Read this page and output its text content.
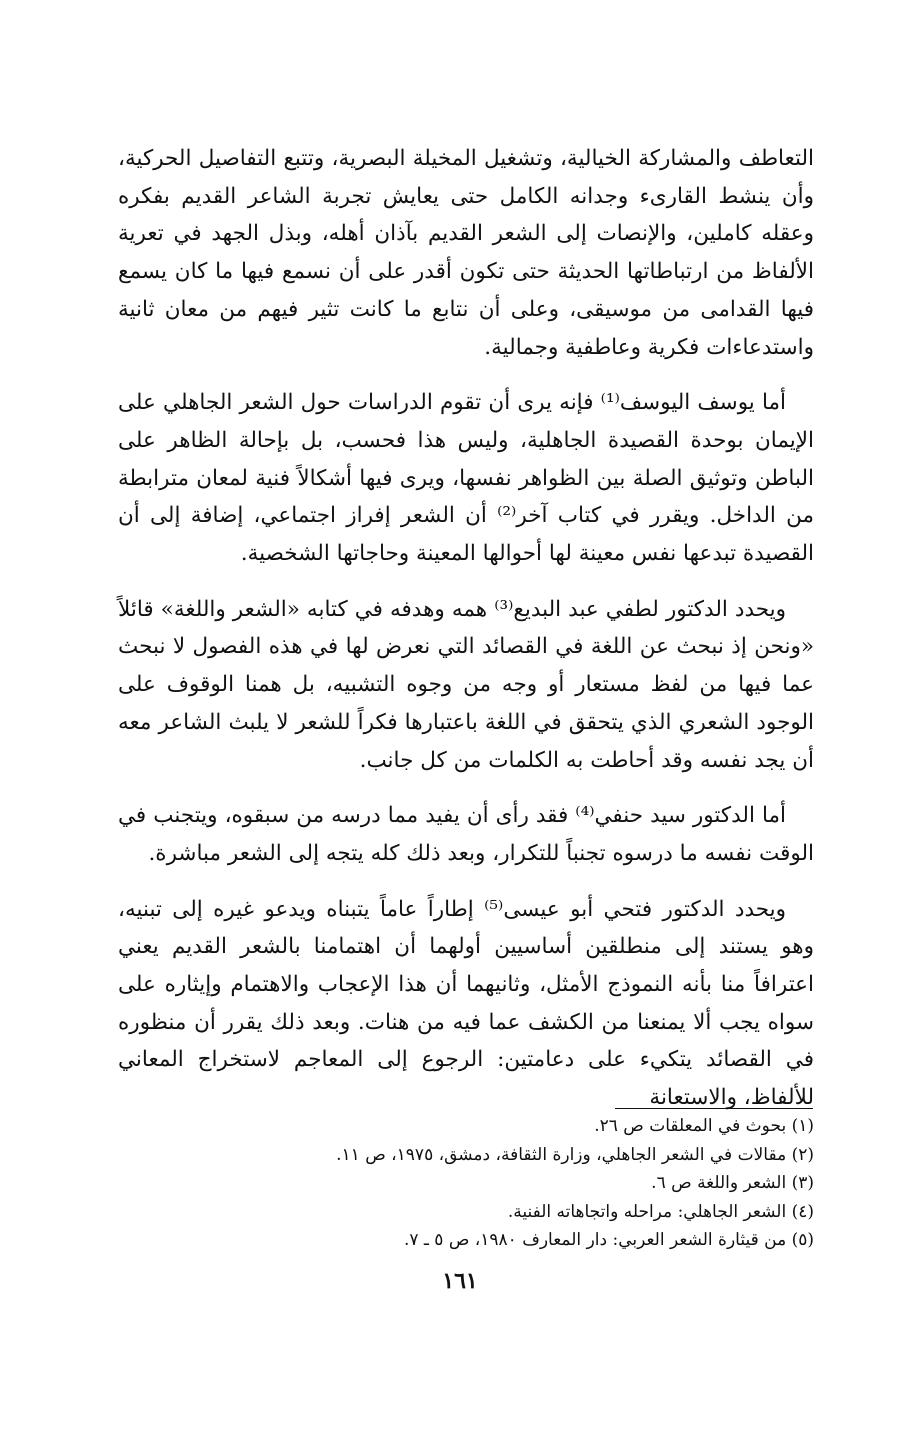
التعاطف والمشاركة الخيالية، وتشغيل المخيلة البصرية، وتتبع التفاصيل الحركية، وأن ينشط القارىء وجدانه الكامل حتى يعايش تجربة الشاعر القديم بفكره وعقله كاملين، والإنصات إلى الشعر القديم بآذان أهله، وبذل الجهد في تعرية الألفاظ من ارتباطاتها الحديثة حتى تكون أقدر على أن نسمع فيها ما كان يسمع فيها القدامى من موسيقى، وعلى أن نتابع ما كانت تثير فيهم من معان ثانية واستدعاءات فكرية وعاطفية وجمالية.

أما يوسف اليوسف⁽¹⁾ فإنه يرى أن تقوم الدراسات حول الشعر الجاهلي على الإيمان بوحدة القصيدة الجاهلية، وليس هذا فحسب، بل بإحالة الظاهر على الباطن وتوثيق الصلة بين الظواهر نفسها، ويرى فيها أشكالاً فنية لمعان مترابطة من الداخل. ويقرر في كتاب آخر⁽²⁾ أن الشعر إفراز اجتماعي، إضافة إلى أن القصيدة تبدعها نفس معينة لها أحوالها المعينة وحاجاتها الشخصية.

ويحدد الدكتور لطفي عبد البديع⁽³⁾ همه وهدفه في كتابه «الشعر واللغة» قائلاً «ونحن إذ نبحث عن اللغة في القصائد التي نعرض لها في هذه الفصول لا نبحث عما فيها من لفظ مستعار أو وجه من وجوه التشبيه، بل همنا الوقوف على الوجود الشعري الذي يتحقق في اللغة باعتبارها فكراً للشعر لا يلبث الشاعر معه أن يجد نفسه وقد أحاطت به الكلمات من كل جانب.

أما الدكتور سيد حنفي⁽⁴⁾ فقد رأى أن يفيد مما درسه من سبقوه، ويتجنب في الوقت نفسه ما درسوه تجنباً للتكرار، وبعد ذلك كله يتجه إلى الشعر مباشرة.

ويحدد الدكتور فتحي أبو عيسى⁽⁵⁾ إطاراً عاماً يتبناه ويدعو غيره إلى تبنيه، وهو يستند إلى منطلقين أساسيين أولهما أن اهتمامنا بالشعر القديم يعني اعترافاً منا بأنه النموذج الأمثل، وثانيهما أن هذا الإعجاب والاهتمام وإيثاره على سواه يجب ألا يمنعنا من الكشف عما فيه من هنات. وبعد ذلك يقرر أن منظوره في القصائد يتكيء على دعامتين: الرجوع إلى المعاجم لاستخراج المعاني للألفاظ، والاستعانة

(١) بحوث في المعلقات ص ٢٦.
(٢) مقالات في الشعر الجاهلي، وزارة الثقافة، دمشق، ١٩٧٥، ص ١١.
(٣) الشعر واللغة ص ٦.
(٤) الشعر الجاهلي: مراحله واتجاهاته الفنية.
(٥) من قيثارة الشعر العربي: دار المعارف ١٩٨٠، ص ٥ ـ ٧.
١٦١
